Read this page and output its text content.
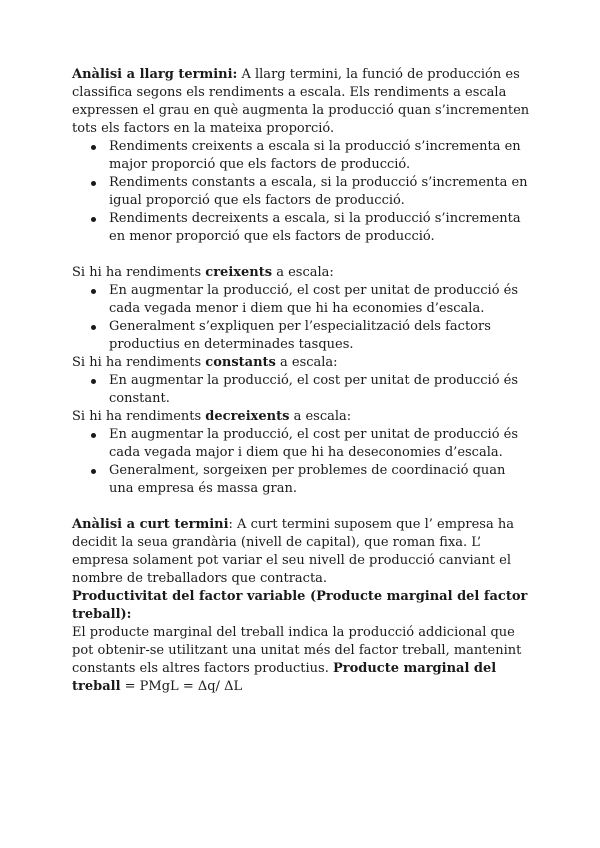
Anàlisi a llarg termini: A llarg termini, la funció de producción es classifica segons els rendiments a escala. Els rendiments a escala expressen el grau en què augmenta la producció quan s’incrementen tots els factors en la mateixa proporció.

Rendiments creixents a escala si la producció s’incrementa en major proporció que els factors de producció.
Rendiments constants a escala, si la producció s’incrementa en igual proporció que els factors de producció.
Rendiments decreixents a escala, si la producció s’incrementa en menor proporció que els factors de producció.

Si hi ha rendiments creixents a escala:

En augmentar la producció, el cost per unitat de producció és cada vegada menor i diem que hi ha economies d’escala.
Generalment s’expliquen per l’especialització dels factors productius en determinades tasques.

Si hi ha rendiments constants a escala:

En augmentar la producció, el cost per unitat de producció és constant.

Si hi ha rendiments decreixents a escala:

En augmentar la producció, el cost per unitat de producció és cada vegada major i diem que hi ha deseconomies d’escala.
Generalment, sorgeixen per problemes de coordinació quan una empresa és massa gran.

Anàlisi a curt termini: A curt termini suposem que l’ empresa ha decidit la seua grandària (nivell de capital), que roman fixa. L’ empresa solament pot variar el seu nivell de producció canviant el nombre de treballadors que contracta.

Productivitat del factor variable (Producte marginal del factor treball):

El producte marginal del treball indica la producció addicional que pot obtenir-se utilitzant una unitat més del factor treball, mantenint constants els altres factors productius. Producte marginal del treball = PMgL = Δq/ ΔL
